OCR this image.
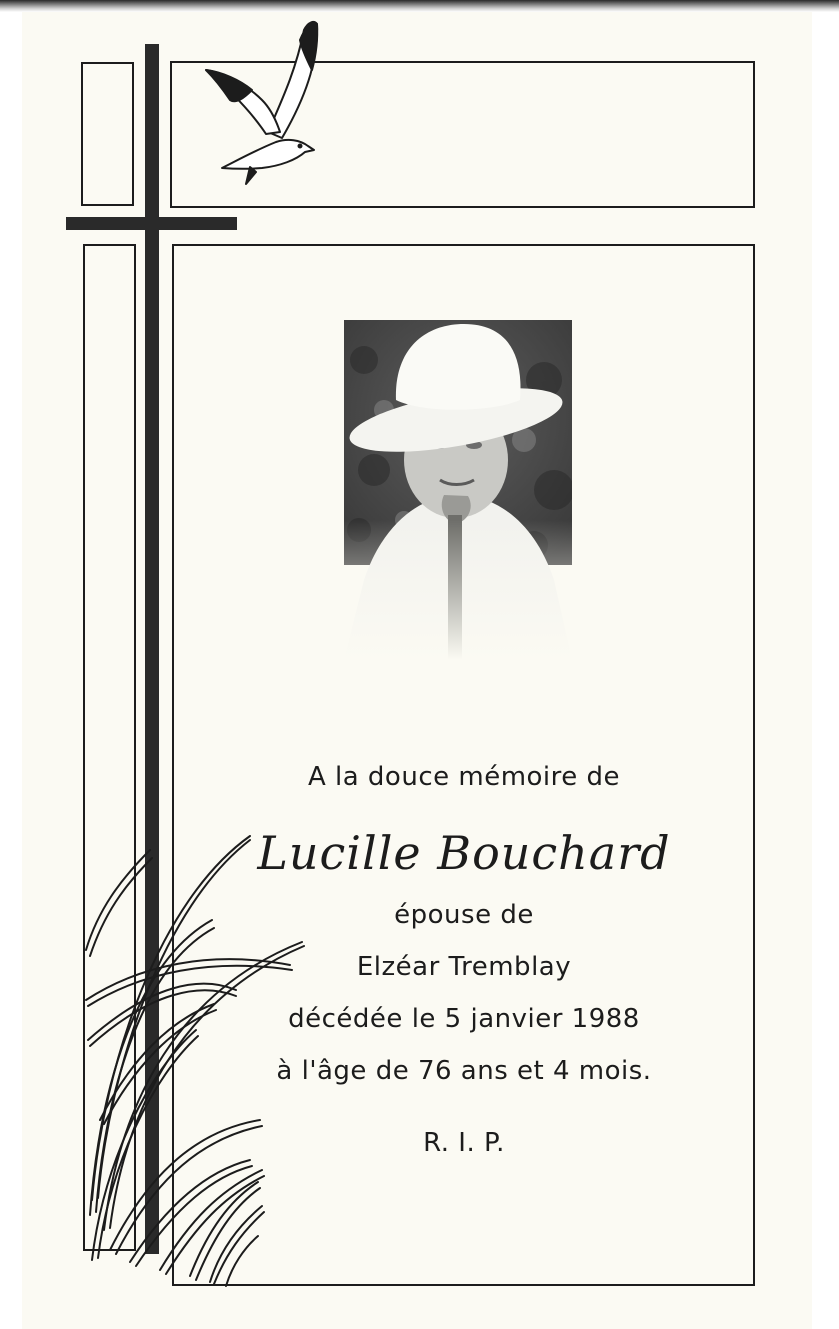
A la douce mémoire de
Lucille Bouchard
épouse de
Elzéar Tremblay
décédée le 5 janvier 1988
à l'âge de 76 ans et 4 mois.
R. I. P.
